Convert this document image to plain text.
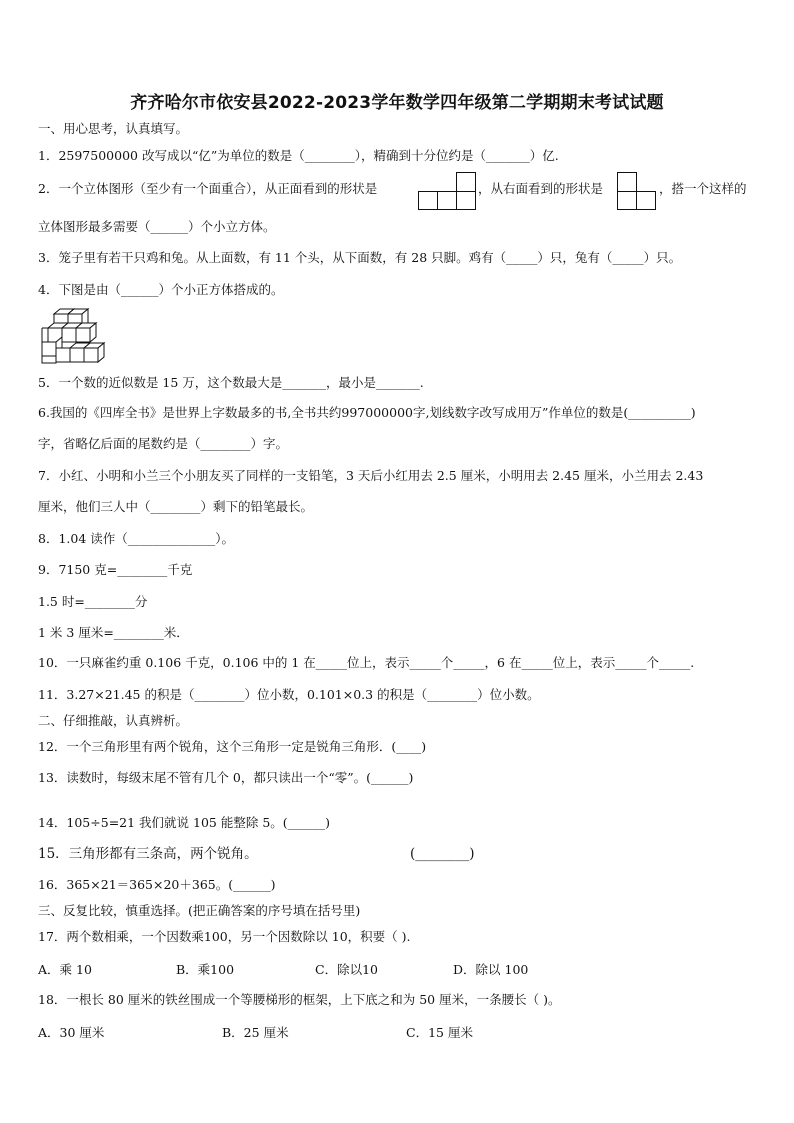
齐齐哈尔市依安县2022-2023学年数学四年级第二学期期末考试试题
一、用心思考，认真填写。
1．2597500000 改写成以“亿”为单位的数是（________），精确到十分位约是（_______）亿.
2．一个立体图形（至少有一个面重合），从正面看到的形状是	，从右面看到的形状是	，搭一个这样的
立体图形最多需要（______）个小立方体。
3．笼子里有若干只鸡和兔。从上面数，有 11 个头，从下面数，有 28 只脚。鸡有（_____）只，兔有（_____）只。
4．下图是由（______）个小正方体搭成的。
5．一个数的近似数是 15 万，这个数最大是_______，最小是_______.
6.我国的《四库全书》是世界上字数最多的书,全书共约997000000字,划线数字改写成用万”作单位的数是(__________)
字，省略亿后面的尾数约是（________）字。
7．小红、小明和小兰三个小朋友买了同样的一支铅笔，3 天后小红用去 2.5 厘米，小明用去 2.45 厘米，小兰用去 2.43
厘米，他们三人中（________）剩下的铅笔最长。
8．1.04 读作（______________）。
9．7150 克=________千克
1.5 时=________分
1 米 3 厘米=________米．
10．一只麻雀约重 0.106 千克，0.106 中的 1 在_____位上，表示_____个_____，6 在_____位上，表示_____个_____.
11．3.27×21.45 的积是（________）位小数，0.101×0.3 的积是（________）位小数。
二、仔细推敲，认真辨析。
12．一个三角形里有两个锐角，这个三角形一定是锐角三角形．(____)
13．读数时，每级末尾不管有几个 0，都只读出一个“零”。(______)
14．105÷5=21 我们就说 105 能整除 5。(______)
15．三角形都有三条高，两个锐角。	(________)
16．365×21＝365×20＋365。(______)
三、反复比较，慎重选择。(把正确答案的序号填在括号里)
17．两个数相乘，一个因数乘100，另一个因数除以 10，积要（ ).
A．乘 10	B．乘100	C．除以10	D．除以 100
18．一根长 80 厘米的铁丝围成一个等腰梯形的框架，上下底之和为 50 厘米，一条腰长（ )。
A．30 厘米	B．25 厘米	C．15 厘米
